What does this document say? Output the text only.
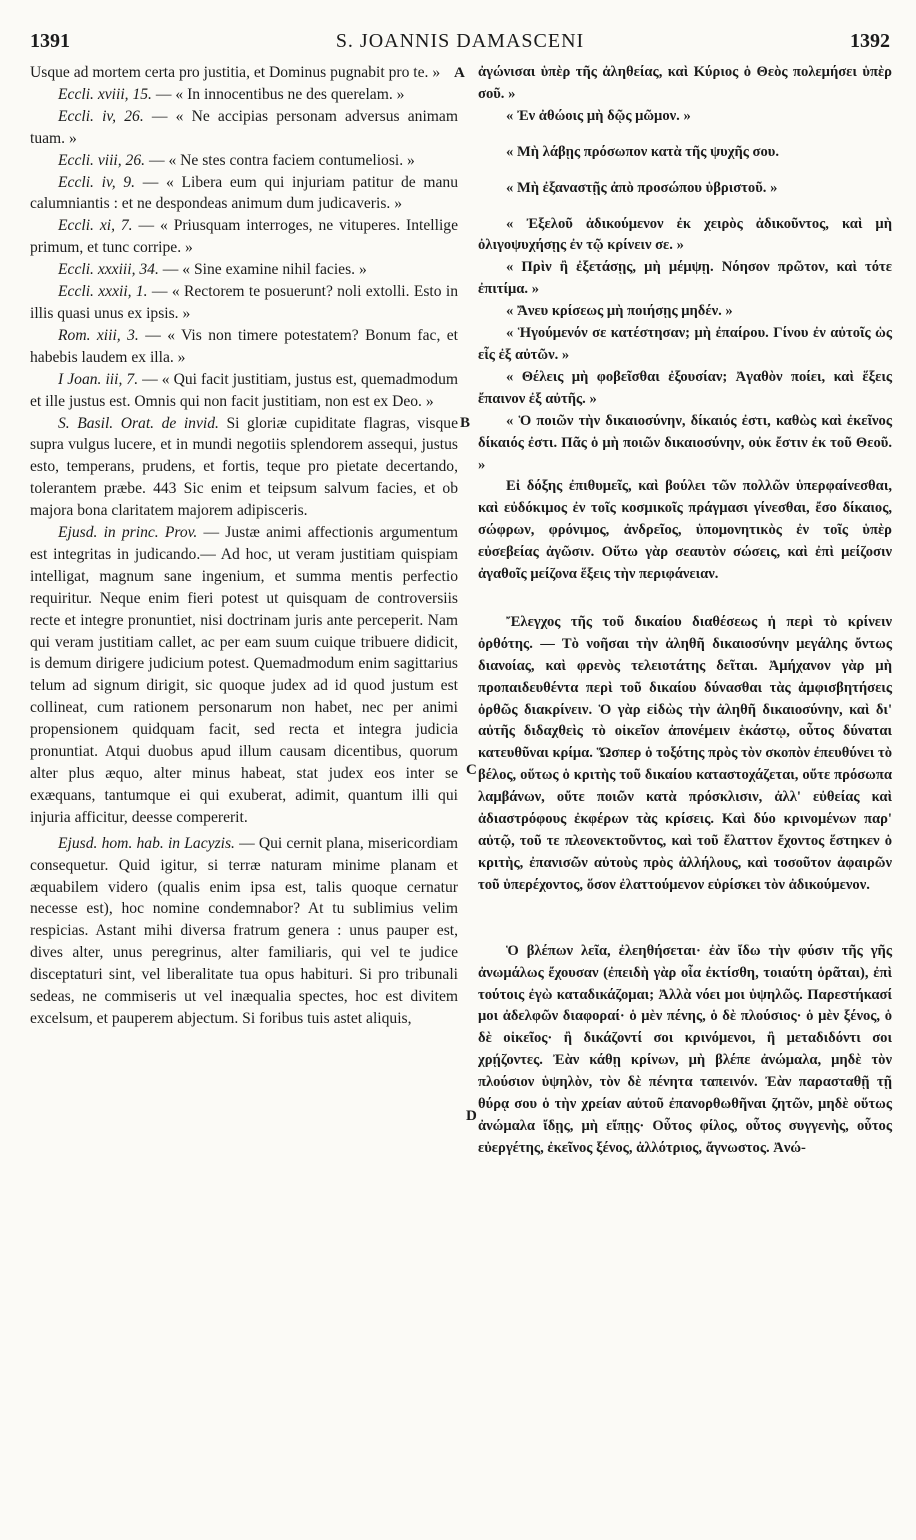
1391	S. JOANNIS DAMASCENI	1392
A
B
C
D

Usque ad mortem certa pro justitia, et Dominus pugnabit pro te. »

Eccli. xviii, 15. — « In innocentibus ne des querelam. »

Eccli. iv, 26. — « Ne accipias personam adversus animam tuam. »

Eccli. viii, 26. — « Ne stes contra faciem contumeliosi. »

Eccli. iv, 9. — « Libera eum qui injuriam patitur de manu calumniantis : et ne despondeas animum dum judicaveris. »

Eccli. xi, 7. — « Priusquam interroges, ne vituperes. Intellige primum, et tunc corripe. »

Eccli. xxxiii, 34. — « Sine examine nihil facies. »

Eccli. xxxii, 1. — « Rectorem te posuerunt? noli extolli. Esto in illis quasi unus ex ipsis. »

Rom. xiii, 3. — « Vis non timere potestatem? Bonum fac, et habebis laudem ex illa. »

I Joan. iii, 7. — « Qui facit justitiam, justus est, quemadmodum et ille justus est. Omnis qui non facit justitiam, non est ex Deo. »

S. Basil. Orat. de invid. Si gloriæ cupiditate flagras, visque supra vulgus lucere, et in mundi negotiis splendorem assequi, justus esto, temperans, prudens, et fortis, teque pro pietate decertando, tolerantem præbe. 443 Sic enim et teipsum salvum facies, et ob majora bona claritatem majorem adipisceris.

Ejusd. in princ. Prov. — Justæ animi affectionis argumentum est integritas in judicando.— Ad hoc, ut veram justitiam quispiam intelligat, magnum sane ingenium, et summa mentis perfectio requiritur. Neque enim fieri potest ut quisquam de controversiis recte et integre pronuntiet, nisi doctrinam juris ante perceperit. Nam qui veram justitiam callet, ac per eam suum cuique tribuere didicit, is demum dirigere judicium potest. Quemadmodum enim sagittarius telum ad signum dirigit, sic quoque judex ad id quod justum est collineat, cum rationem personarum non habet, nec per animi propensionem quidquam facit, sed recta et integra judicia pronuntiat. Atqui duobus apud illum causam dicentibus, quorum alter plus æquo, alter minus habeat, stat judex eos inter se exæquans, tantumque ei qui exuberat, adimit, quantum illi qui injuria afficitur, deesse compererit.

Ejusd. hom. hab. in Lacyzis. — Qui cernit plana, misericordiam consequetur. Quid igitur, si terræ naturam minime planam et æquabilem videro (qualis enim ipsa est, talis quoque cernatur necesse est), hoc nomine condemnabor? At tu sublimius velim respicias. Astant mihi diversa fratrum genera : unus pauper est, dives alter, unus peregrinus, alter familiaris, qui vel te judice disceptaturi sint, vel liberalitate tua opus habituri. Si pro tribunali sedeas, ne commiseris ut vel inæqualia spectes, hoc est divitem excelsum, et pauperem abjectum. Si foribus tuis astet aliquis,

ἀγώνισαι ὑπὲρ τῆς ἀληθείας, καὶ Κύριος ὁ Θεὸς πολεμήσει ὑπὲρ σοῦ. »

« Ἐν ἀθώοις μὴ δῷς μῶμον. »

« Μὴ λάβῃς πρόσωπον κατὰ τῆς ψυχῆς σου.

« Μὴ ἐξαναστῇς ἀπὸ προσώπου ὑβριστοῦ. »

« Ἐξελοῦ ἀδικούμενον ἐκ χειρὸς ἀδικοῦντος, καὶ μὴ ὀλιγοψυχήσῃς ἐν τῷ κρίνειν σε. »

« Πρὶν ἢ ἐξετάσῃς, μὴ μέμψῃ. Νόησον πρῶτον, καὶ τότε ἐπιτίμα. »

« Ἄνευ κρίσεως μὴ ποιήσῃς μηδέν. »

« Ἡγούμενόν σε κατέστησαν; μὴ ἐπαίρου. Γίνου ἐν αὐτοῖς ὡς εἷς ἐξ αὐτῶν. »

« Θέλεις μὴ φοβεῖσθαι ἐξουσίαν; Ἀγαθὸν ποίει, καὶ ἕξεις ἔπαινον ἐξ αὐτῆς. »

« Ὁ ποιῶν τὴν δικαιοσύνην, δίκαιός ἐστι, καθὼς καὶ ἐκεῖνος δίκαιός ἐστι. Πᾶς ὁ μὴ ποιῶν δικαιοσύνην, οὐκ ἔστιν ἐκ τοῦ Θεοῦ. »

Εἰ δόξης ἐπιθυμεῖς, καὶ βούλει τῶν πολλῶν ὑπερφαίνεσθαι, καὶ εὐδόκιμος ἐν τοῖς κοσμικοῖς πράγμασι γίνεσθαι, ἔσο δίκαιος, σώφρων, φρόνιμος, ἀνδρεῖος, ὑπομονητικὸς ἐν τοῖς ὑπὲρ εὐσεβείας ἀγῶσιν. Οὕτω γὰρ σεαυτὸν σώσεις, καὶ ἐπὶ μείζοσιν ἀγαθοῖς μείζονα ἕξεις τὴν περιφάνειαν.

Ἔλεγχος τῆς τοῦ δικαίου διαθέσεως ἡ περὶ τὸ κρίνειν ὀρθότης. — Τὸ νοῆσαι τὴν ἀληθῆ δικαιοσύνην μεγάλης ὄντως διανοίας, καὶ φρενὸς τελειοτάτης δεῖται. Ἀμήχανον γὰρ μὴ προπαιδευθέντα περὶ τοῦ δικαίου δύνασθαι τὰς ἀμφισβητήσεις ὀρθῶς διακρίνειν. Ὁ γὰρ εἰδὼς τὴν ἀληθῆ δικαιοσύνην, καὶ δι' αὐτῆς διδαχθεὶς τὸ οἰκεῖον ἀπονέμειν ἑκάστῳ, οὗτος δύναται κατευθῦναι κρίμα. Ὥσπερ ὁ τοξότης πρὸς τὸν σκοπὸν ἐπευθύνει τὸ βέλος, οὕτως ὁ κριτὴς τοῦ δικαίου καταστοχάζεται, οὔτε πρόσωπα λαμβάνων, οὔτε ποιῶν κατὰ πρόσκλισιν, ἀλλ' εὐθείας καὶ ἀδιαστρόφους ἐκφέρων τὰς κρίσεις. Καὶ δύο κρινομένων παρ' αὐτῷ, τοῦ τε πλεονεκτοῦντος, καὶ τοῦ ἔλαττον ἔχοντος ἕστηκεν ὁ κριτὴς, ἐπανισῶν αὐτοὺς πρὸς ἀλλήλους, καὶ τοσοῦτον ἀφαιρῶν τοῦ ὑπερέχοντος, ὅσον ἐλαττούμενον εὑρίσκει τὸν ἀδικούμενον.

Ὁ βλέπων λεῖα, ἐλεηθήσεται· ἐὰν ἴδω τὴν φύσιν τῆς γῆς ἀνωμάλως ἔχουσαν (ἐπειδὴ γὰρ οἷα ἐκτίσθη, τοιαύτη ὁρᾶται), ἐπὶ τούτοις ἐγὼ καταδικάζομαι; Ἀλλὰ νόει μοι ὑψηλῶς. Παρεστήκασί μοι ἀδελφῶν διαφοραί· ὁ μὲν πένης, ὁ δὲ πλούσιος· ὁ μὲν ξένος, ὁ δὲ οἰκεῖος· ἢ δικάζοντί σοι κρινόμενοι, ἢ μεταδιδόντι σοι χρῄζοντες. Ἐὰν κάθῃ κρίνων, μὴ βλέπε ἀνώμαλα, μηδὲ τὸν πλούσιον ὑψηλὸν, τὸν δὲ πένητα ταπεινόν. Ἐὰν παρασταθῇ τῇ θύρᾳ σου ὁ τὴν χρείαν αὐτοῦ ἐπανορθωθῆναι ζητῶν, μηδὲ οὕτως ἀνώμαλα ἴδῃς, μὴ εἴπῃς· Οὗτος φίλος, οὗτος συγγενὴς, οὗτος εὐεργέτης, ἐκεῖνος ξένος, ἀλλότριος, ἄγνωστος. Ἀνώ-
